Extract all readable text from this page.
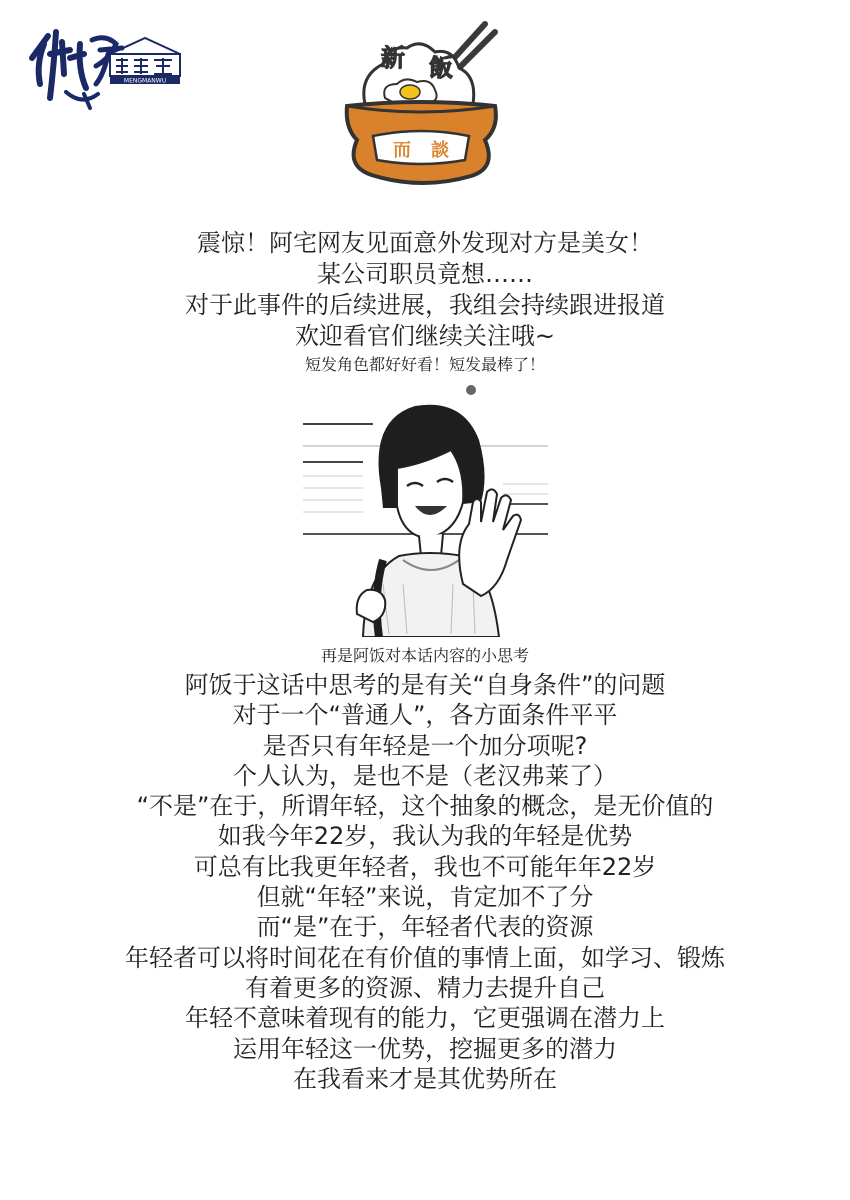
MENGMANWU
新 飯
而 談
震惊！阿宅网友见面意外发现对方是美女！
某公司职员竟想……
对于此事件的后续进展，我组会持续跟进报道
欢迎看官们继续关注哦~
短发角色都好好看！短发最棒了！
再是阿饭对本话内容的小思考
阿饭于这话中思考的是有关“自身条件”的问题
对于一个“普通人”，各方面条件平平
是否只有年轻是一个加分项呢?
个人认为，是也不是（老汉弗莱了）
“不是”在于，所谓年轻，这个抽象的概念，是无价值的
如我今年22岁，我认为我的年轻是优势
可总有比我更年轻者，我也不可能年年22岁
但就“年轻”来说，肯定加不了分
而“是”在于，年轻者代表的资源
年轻者可以将时间花在有价值的事情上面，如学习、锻炼
有着更多的资源、精力去提升自己
年轻不意味着现有的能力，它更强调在潜力上
运用年轻这一优势，挖掘更多的潜力
在我看来才是其优势所在
